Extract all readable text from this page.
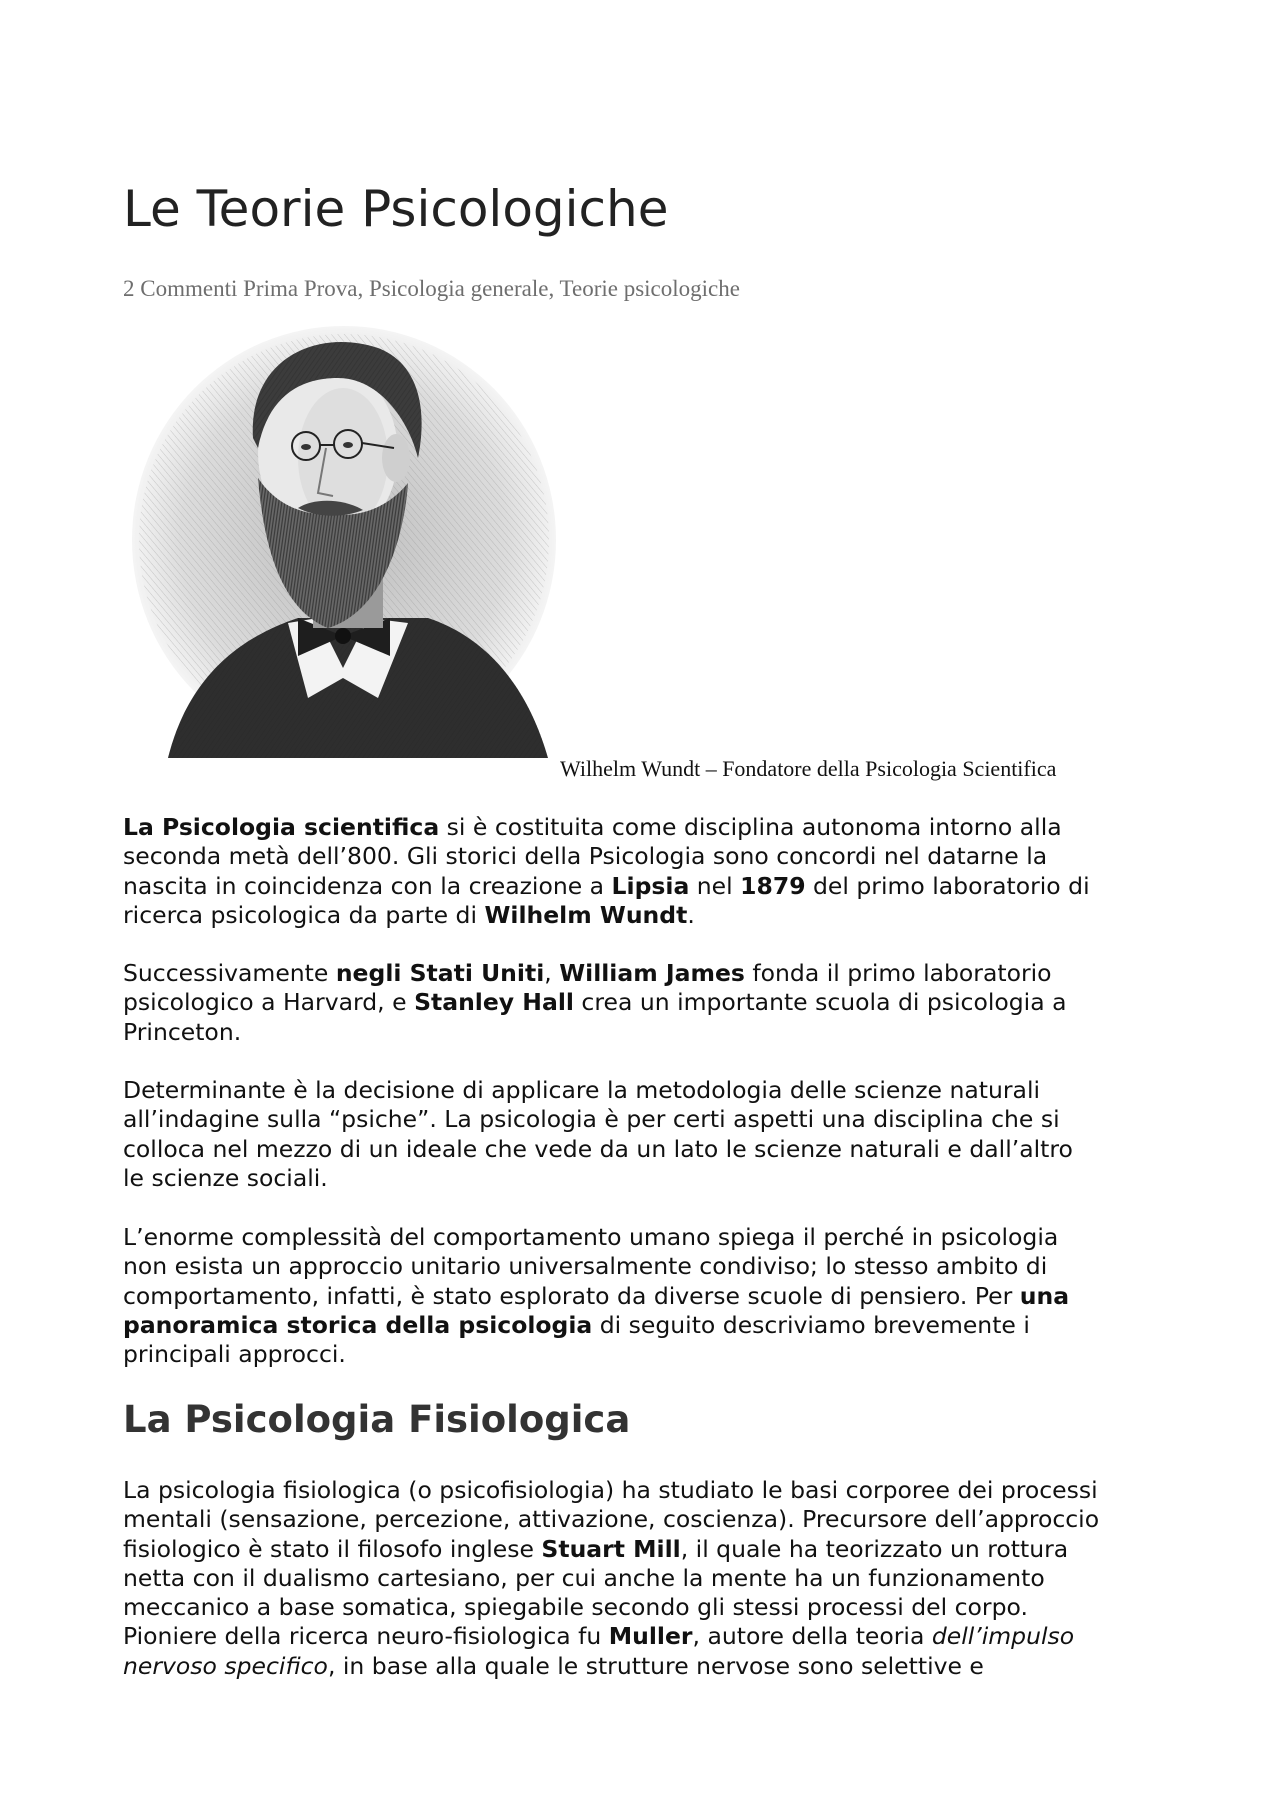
Le Teorie Psicologiche
2 Commenti Prima Prova, Psicologia generale, Teorie psicologiche
Wilhelm Wundt – Fondatore della Psicologia Scientifica

La Psicologia scientifica si è costituita come disciplina autonoma intorno alla
seconda metà dell’800. Gli storici della Psicologia sono concordi nel datarne la
nascita in coincidenza con la creazione a Lipsia nel 1879 del primo laboratorio di
ricerca psicologica da parte di Wilhelm Wundt.

Successivamente negli Stati Uniti, William James fonda il primo laboratorio
psicologico a Harvard, e Stanley Hall crea un importante scuola di psicologia a
Princeton.

Determinante è la decisione di applicare la metodologia delle scienze naturali
all’indagine sulla “psiche”. La psicologia è per certi aspetti una disciplina che si
colloca nel mezzo di un ideale che vede da un lato le scienze naturali e dall’altro
le scienze sociali.

L’enorme complessità del comportamento umano spiega il perché in psicologia
non esista un approccio unitario universalmente condiviso; lo stesso ambito di
comportamento, infatti, è stato esplorato da diverse scuole di pensiero. Per una
panoramica storica della psicologia di seguito descriviamo brevemente i
principali approcci.

La Psicologia Fisiologica

La psicologia fisiologica (o psicofisiologia) ha studiato le basi corporee dei processi
mentali (sensazione, percezione, attivazione, coscienza). Precursore dell’approccio
fisiologico è stato il filosofo inglese Stuart Mill, il quale ha teorizzato un rottura
netta con il dualismo cartesiano, per cui anche la mente ha un funzionamento
meccanico a base somatica, spiegabile secondo gli stessi processi del corpo.
Pioniere della ricerca neuro-fisiologica fu Muller, autore della teoria dell’impulso
nervoso specifico, in base alla quale le strutture nervose sono selettive e
